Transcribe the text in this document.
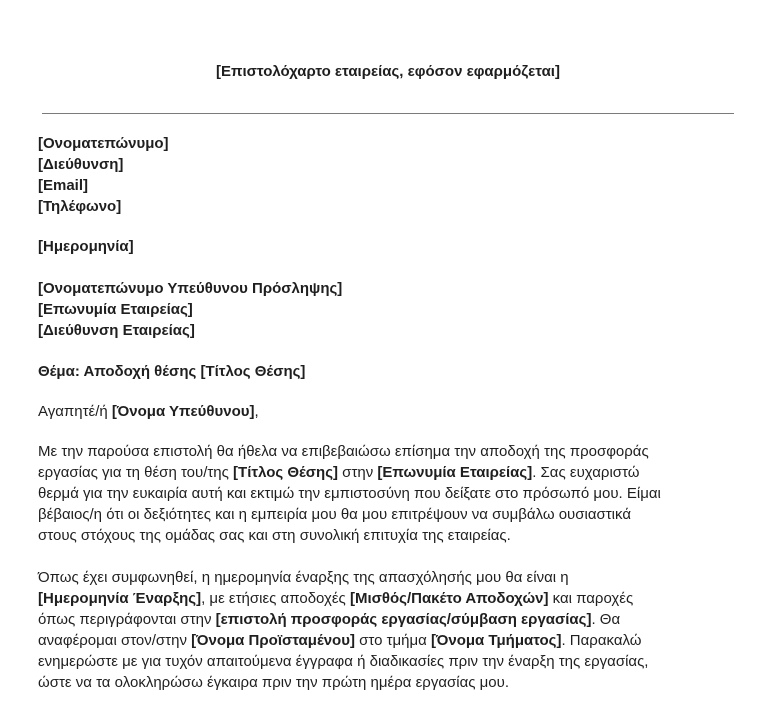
[Επιστολόχαρτο εταιρείας, εφόσον εφαρμόζεται]
[Ονοματεπώνυμο]
[Διεύθυνση]
[Email]
[Τηλέφωνο]
[Ημερομηνία]
[Ονοματεπώνυμο Υπεύθυνου Πρόσληψης]
[Επωνυμία Εταιρείας]
[Διεύθυνση Εταιρείας]
Θέμα: Αποδοχή θέσης [Τίτλος Θέσης]
Αγαπητέ/ή [Όνομα Υπεύθυνου],
Με την παρούσα επιστολή θα ήθελα να επιβεβαιώσω επίσημα την αποδοχή της προσφοράς
εργασίας για τη θέση του/της [Τίτλος Θέσης] στην [Επωνυμία Εταιρείας]. Σας ευχαριστώ
θερμά για την ευκαιρία αυτή και εκτιμώ την εμπιστοσύνη που δείξατε στο πρόσωπό μου. Είμαι
βέβαιος/η ότι οι δεξιότητες και η εμπειρία μου θα μου επιτρέψουν να συμβάλω ουσιαστικά
στους στόχους της ομάδας σας και στη συνολική επιτυχία της εταιρείας.
Όπως έχει συμφωνηθεί, η ημερομηνία έναρξης της απασχόλησής μου θα είναι η
[Ημερομηνία Έναρξης], με ετήσιες αποδοχές [Μισθός/Πακέτο Αποδοχών] και παροχές
όπως περιγράφονται στην [επιστολή προσφοράς εργασίας/σύμβαση εργασίας]. Θα
αναφέρομαι στον/στην [Όνομα Προϊσταμένου] στο τμήμα [Όνομα Τμήματος]. Παρακαλώ
ενημερώστε με για τυχόν απαιτούμενα έγγραφα ή διαδικασίες πριν την έναρξη της εργασίας,
ώστε να τα ολοκληρώσω έγκαιρα πριν την πρώτη ημέρα εργασίας μου.
